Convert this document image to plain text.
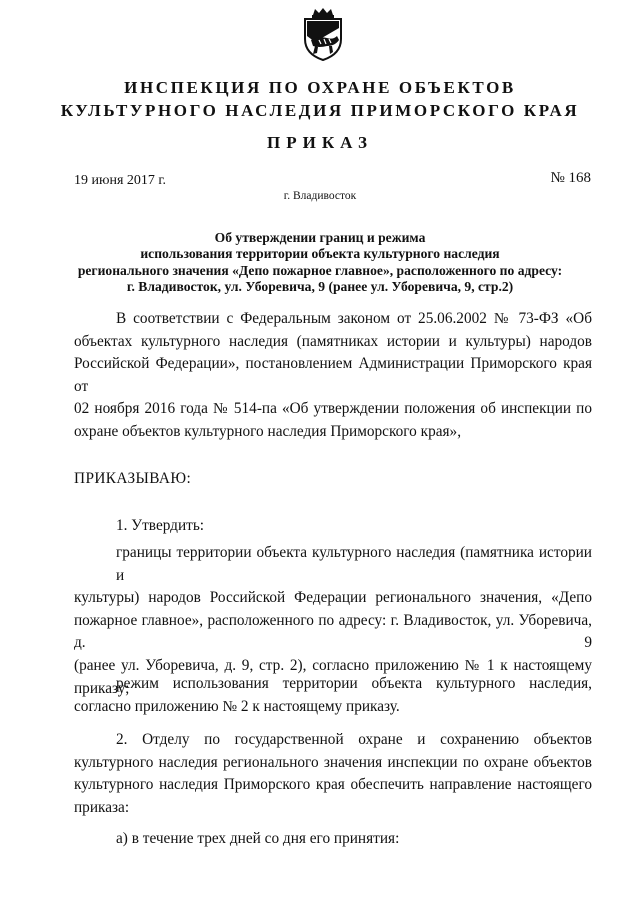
ИНСПЕКЦИЯ ПО ОХРАНЕ ОБЪЕКТОВ
КУЛЬТУРНОГО НАСЛЕДИЯ ПРИМОРСКОГО КРАЯ
ПРИКАЗ
19 июня 2017 г.	№ 168
г. Владивосток
Об утверждении границ и режима
использования территории объекта культурного наследия
регионального значения «Депо пожарное главное», расположенного по адресу:
г. Владивосток, ул. Уборевича, 9 (ранее ул. Уборевича, 9, стр.2)
В соответствии с Федеральным законом от 25.06.2002 № 73-ФЗ «Об
объектах культурного наследия (памятниках истории и культуры) народов
Российской Федерации», постановлением Администрации Приморского края от
02 ноября 2016 года № 514-па «Об утверждении положения об инспекции по
охране объектов культурного наследия Приморского края»,
ПРИКАЗЫВАЮ:
1. Утвердить:
границы территории объекта культурного наследия (памятника истории и
культуры) народов Российской Федерации регионального значения, «Депо
пожарное главное», расположенного по адресу: г. Владивосток, ул. Уборевича, д. 9
(ранее ул. Уборевича, д. 9, стр. 2), согласно приложению № 1 к настоящему
приказу;
режим использования территории объекта культурного наследия,
согласно приложению № 2 к настоящему приказу.
2. Отделу по государственной охране и сохранению объектов
культурного наследия регионального значения инспекции по охране объектов
культурного наследия Приморского края обеспечить направление настоящего
приказа:
а) в течение трех дней со дня его принятия:
